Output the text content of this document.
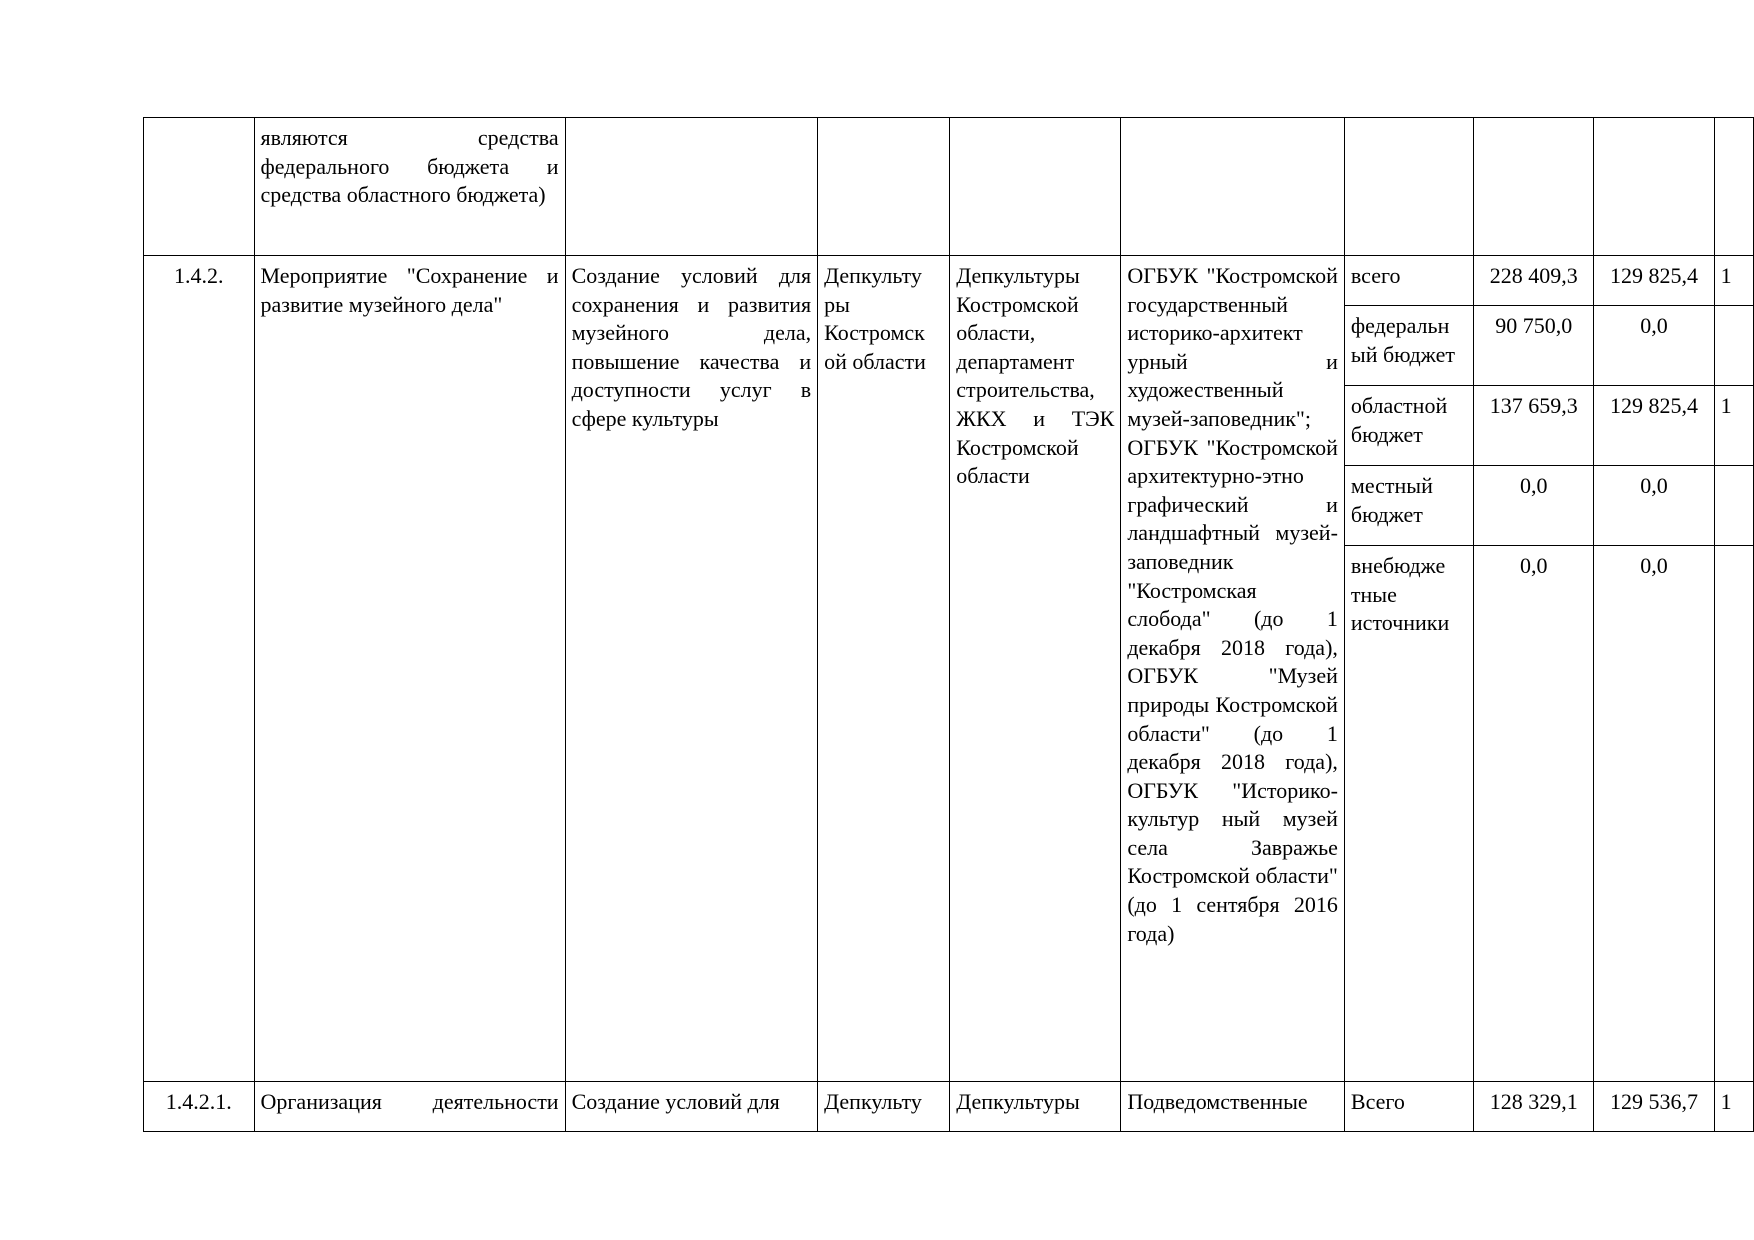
	являются средства федерального бюджета и средства областного бюджета)								
1.4.2.	Мероприятие "Сохранение и развитие музейного дела"	Создание условий для сохранения и развития музейного дела, повышение качества и доступности услуг в сфере культуры	Депкульту ры Костромск ой области	Депкультуры Костромской области, департамент строительства, ЖКХ и ТЭК Костромской области	ОГБУК "Костромской государственный историко-архитект урный и художественный музей-заповедник"; ОГБУК "Костромской архитектурно-этно графический и ландшафтный музей-заповедник "Костромская слобода" (до 1 декабря 2018 года), ОГБУК "Музей природы Костромской области" (до 1 декабря 2018 года), ОГБУК "Историко-культур ный музей села Завражье Костромской области" (до 1 сентября 2016 года)	всего	228 409,3	129 825,4	1
						федеральн ый бюджет	90 750,0	0,0	
						областной бюджет	137 659,3	129 825,4	1
						местный бюджет	0,0	0,0	
						внебюдже тные источники	0,0	0,0	
1.4.2.1.	Организация деятельности	Создание условий для	Депкульту	Депкультуры	Подведомственные	Всего	128 329,1	129 536,7	1
